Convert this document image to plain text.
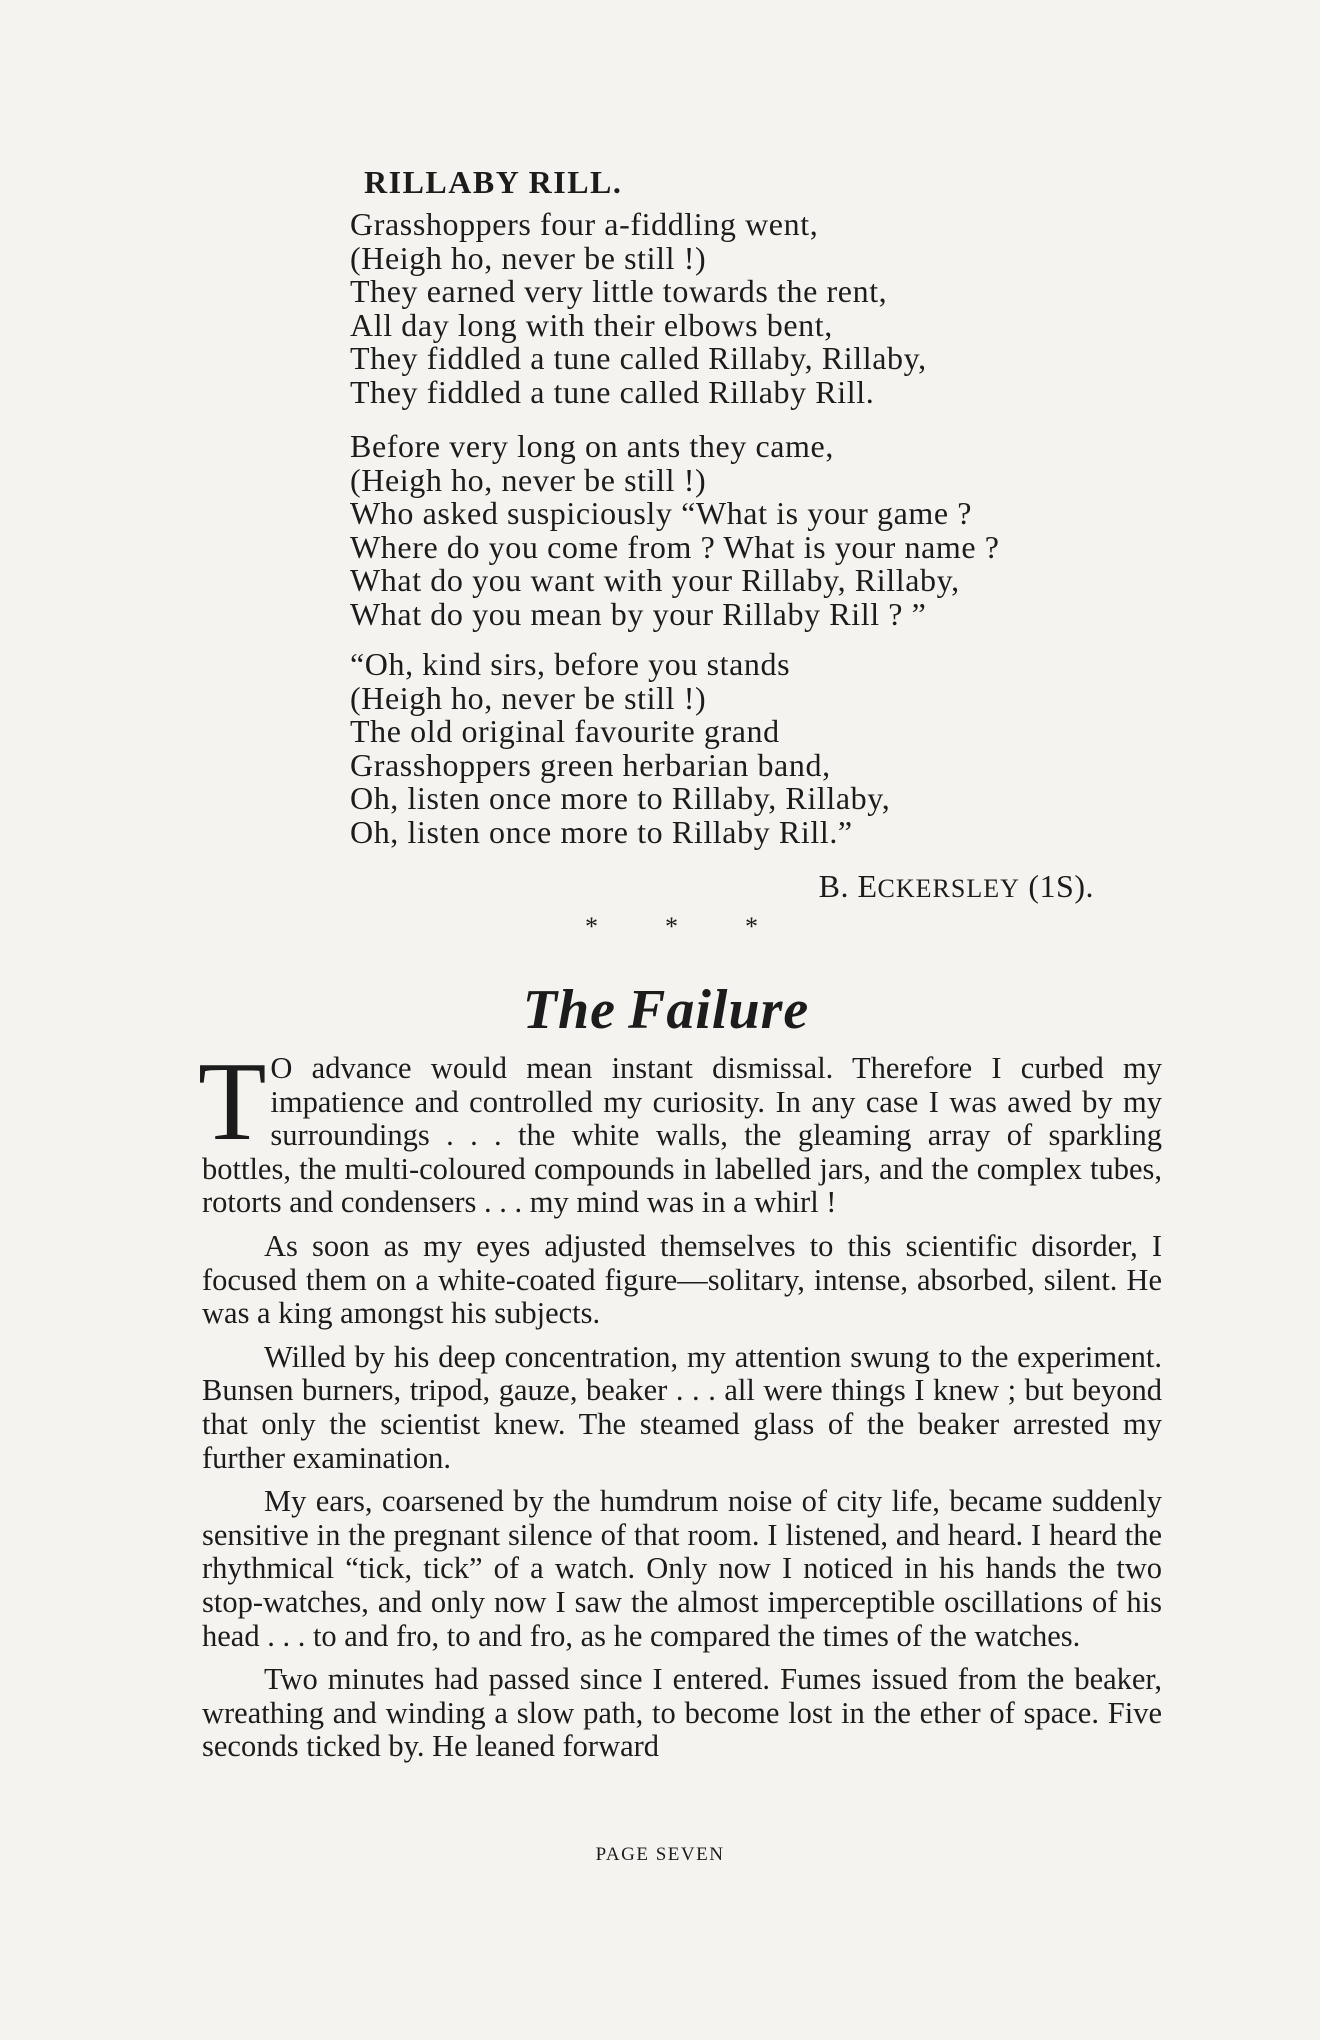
RILLABY RILL.
Grasshoppers four a-fiddling went,
(Heigh ho, never be still !)
They earned very little towards the rent,
All day long with their elbows bent,
They fiddled a tune called Rillaby, Rillaby,
They fiddled a tune called Rillaby Rill.
Before very long on ants they came,
(Heigh ho, never be still !)
Who asked suspiciously “What is your game ?
Where do you come from ? What is your name ?
What do you want with your Rillaby, Rillaby,
What do you mean by your Rillaby Rill ? ”
“Oh, kind sirs, before you stands
(Heigh ho, never be still !)
The old original favourite grand
Grasshoppers green herbarian band,
Oh, listen once more to Rillaby, Rillaby,
Oh, listen once more to Rillaby Rill.”
B. ECKERSLEY (1S).
*	*	*
The Failure

T O advance would mean instant dismissal. Therefore I curbed my impatience and controlled my curiosity. In any case I was awed by my surroundings . . . the white walls, the gleaming array of sparkling bottles, the multi-coloured compounds in labelled jars, and the complex tubes, rotorts and condensers . . . my mind was in a whirl !

As soon as my eyes adjusted themselves to this scientific disorder, I focused them on a white-coated figure—solitary, intense, absorbed, silent. He was a king amongst his subjects.

Willed by his deep concentration, my attention swung to the experiment. Bunsen burners, tripod, gauze, beaker . . . all were things I knew ; but beyond that only the scientist knew. The steamed glass of the beaker arrested my further examination.

My ears, coarsened by the humdrum noise of city life, became suddenly sensitive in the pregnant silence of that room. I listened, and heard. I heard the rhythmical “tick, tick” of a watch. Only now I noticed in his hands the two stop-watches, and only now I saw the almost imperceptible oscillations of his head . . . to and fro, to and fro, as he compared the times of the watches.

Two minutes had passed since I entered. Fumes issued from the beaker, wreathing and winding a slow path, to become lost in the ether of space. Five seconds ticked by. He leaned forward

PAGE SEVEN
